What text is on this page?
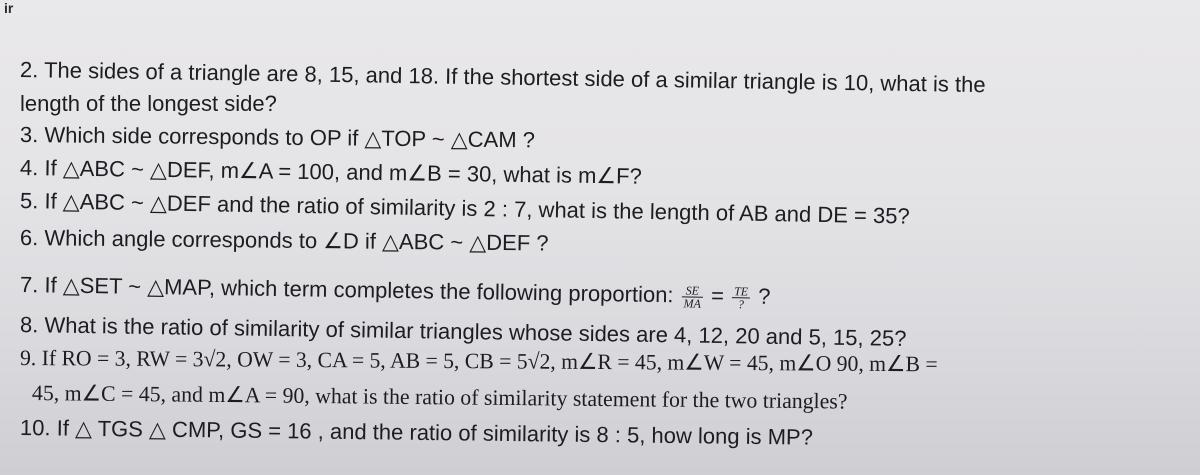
ir
2. The sides of a triangle are 8, 15, and 18. If the shortest side of a similar triangle is 10, what is the
length of the longest side?
3. Which side corresponds to OP if △TOP ~ △CAM ?
4. If △ABC ~ △DEF, m∠A = 100, and m∠B = 30, what is m∠F?
5. If △ABC ~ △DEF and the ratio of similarity is 2 : 7, what is the length of AB and DE = 35?
6. Which angle corresponds to ∠D if △ABC ~ △DEF ?
7. If △SET ~ △MAP, which term completes the following proportion: $\frac{SE}{MA} = \frac{TE}{?}$ ?
8. What is the ratio of similarity of similar triangles whose sides are 4, 12, 20 and 5, 15, 25?
9. If RO = 3, RW = 3√2, OW = 3, CA = 5, AB = 5, CB = 5√2, m∠R = 45, m∠W = 45, m∠O 90, m∠B =
45, m∠C = 45, and m∠A = 90, what is the ratio of similarity statement for the two triangles?
10. If △ TGS △ CMP, GS = 16 , and the ratio of similarity is 8 : 5, how long is MP?
